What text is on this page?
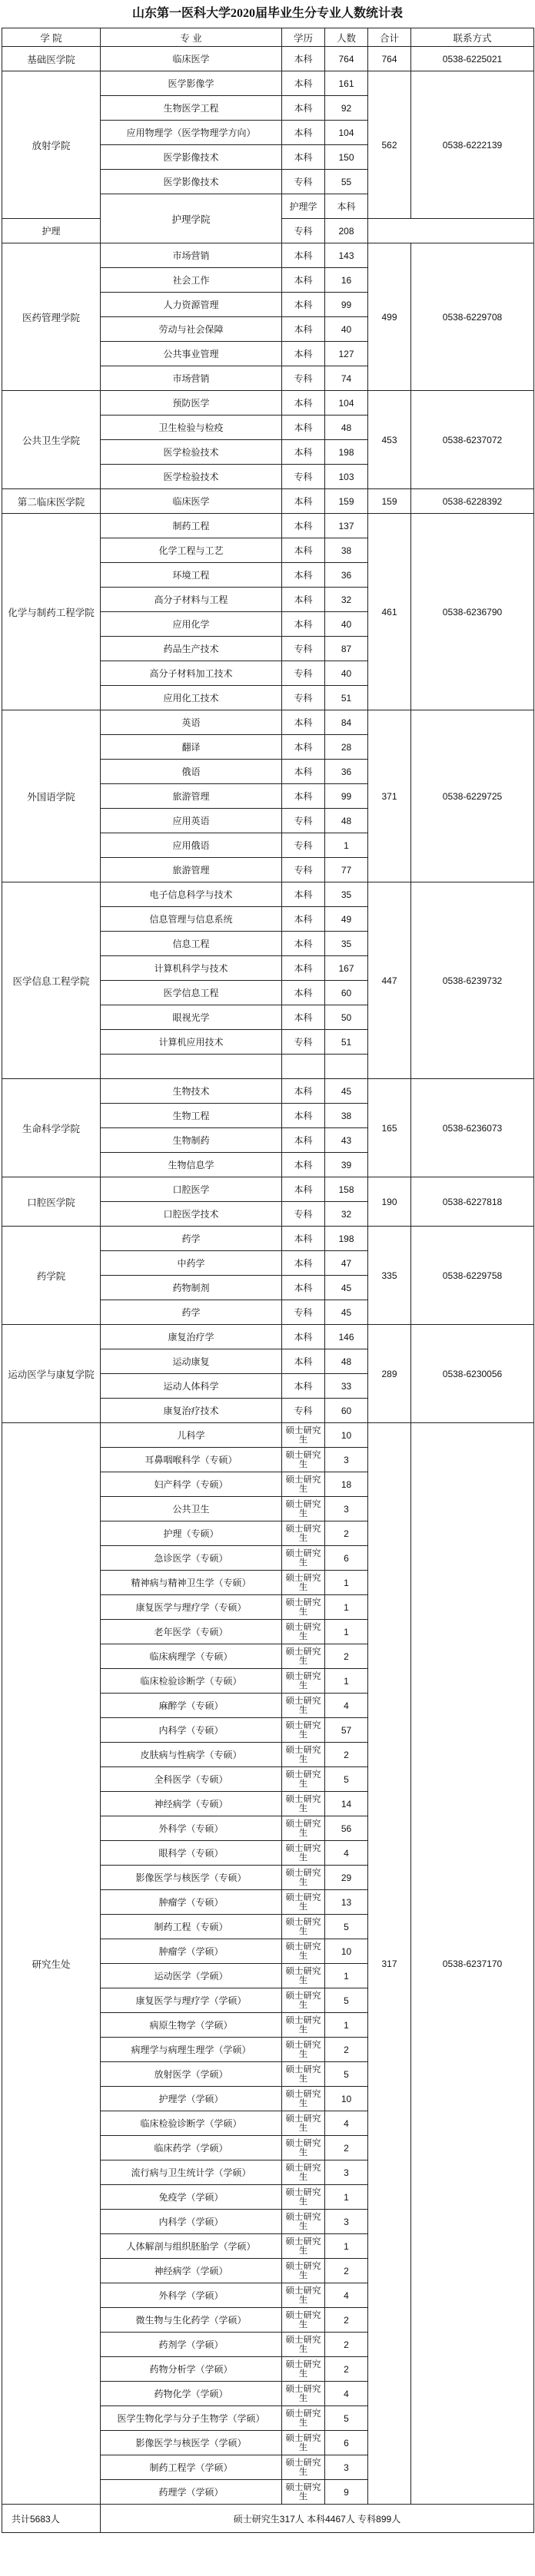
山东第一医科大学2020届毕业生分专业人数统计表
学 院	专 业	学历	人数	合计	联系方式	
基础医学院	临床医学	本科	764	764	0538-6225021	
放射学院	医学影像学	本科	161	562	0538-6222139	
	生物医学工程	本科	92			
	应用物理学（医学物理学方向）	本科	104			
	医学影像技术	本科	150			
	医学影像技术	专科	55			
	护理学院	护理学	本科			
护理		专科	208			
医药管理学院	市场营销	本科	143	499	0538-6229708	
	社会工作	本科	16			
	人力资源管理	本科	99			
	劳动与社会保障	本科	40			
	公共事业管理	本科	127			
	市场营销	专科	74			
公共卫生学院	预防医学	本科	104	453	0538-6237072	
	卫生检验与检疫	本科	48			
	医学检验技术	本科	198			
	医学检验技术	专科	103			
第二临床医学院	临床医学	本科	159	159	0538-6228392	
化学与制药工程学院	制药工程	本科	137	461	0538-6236790	
	化学工程与工艺	本科	38			
	环境工程	本科	36			
	高分子材料与工程	本科	32			
	应用化学	本科	40			
	药品生产技术	专科	87			
	高分子材料加工技术	专科	40			
	应用化工技术	专科	51			
外国语学院	英语	本科	84	371	0538-6229725	
	翻译	本科	28			
	俄语	本科	36			
	旅游管理	本科	99			
	应用英语	专科	48			
	应用俄语	专科	1			
	旅游管理	专科	77			
医学信息工程学院	电子信息科学与技术	本科	35	447	0538-6239732	
	信息管理与信息系统	本科	49			
	信息工程	本科	35			
	计算机科学与技术	本科	167			
	医学信息工程	本科	60			
	眼视光学	本科	50			
	计算机应用技术	专科	51			

生命科学学院	生物技术	本科	45	165	0538-6236073	
	生物工程	本科	38			
	生物制药	本科	43			
	生物信息学	本科	39			
口腔医学院	口腔医学	本科	158	190	0538-6227818	
	口腔医学技术	专科	32			
药学院	药学	本科	198	335	0538-6229758	
	中药学	本科	47			
	药物制剂	本科	45			
	药学	专科	45			
运动医学与康复学院	康复治疗学	本科	146	289	0538-6230056	
	运动康复	本科	48			
	运动人体科学	本科	33			
	康复治疗技术	专科	60			
研究生处	儿科学	硕士研究生	10	317	0538-6237170	
	耳鼻咽喉科学（专硕）	硕士研究生	3			
	妇产科学（专硕）	硕士研究生	18			
	公共卫生	硕士研究生	3			
	护理（专硕）	硕士研究生	2			
	急诊医学（专硕）	硕士研究生	6			
	精神病与精神卫生学（专硕）	硕士研究生	1			
	康复医学与理疗学（专硕）	硕士研究生	1			
	老年医学（专硕）	硕士研究生	1			
	临床病理学（专硕）	硕士研究生	2			
	临床检验诊断学（专硕）	硕士研究生	1			
	麻醉学（专硕）	硕士研究生	4			
	内科学（专硕）	硕士研究生	57			
	皮肤病与性病学（专硕）	硕士研究生	2			
	全科医学（专硕）	硕士研究生	5			
	神经病学（专硕）	硕士研究生	14			
	外科学（专硕）	硕士研究生	56			
	眼科学（专硕）	硕士研究生	4			
	影像医学与核医学（专硕）	硕士研究生	29			
	肿瘤学（专硕）	硕士研究生	13			
	制药工程（专硕）	硕士研究生	5			
	肿瘤学（学硕）	硕士研究生	10			
	运动医学（学硕）	硕士研究生	1			
	康复医学与理疗学（学硕）	硕士研究生	5			
	病原生物学（学硕）	硕士研究生	1			
	病理学与病理生理学（学硕）	硕士研究生	2			
	放射医学（学硕）	硕士研究生	5			
	护理学（学硕）	硕士研究生	10			
	临床检验诊断学（学硕）	硕士研究生	4			
	临床药学（学硕）	硕士研究生	2			
	流行病与卫生统计学（学硕）	硕士研究生	3			
	免疫学（学硕）	硕士研究生	1			
	内科学（学硕）	硕士研究生	3			
	人体解剖与组织胚胎学（学硕）	硕士研究生	1			
	神经病学（学硕）	硕士研究生	2			
	外科学（学硕）	硕士研究生	4			
	微生物与生化药学（学硕）	硕士研究生	2			
	药剂学（学硕）	硕士研究生	2			
	药物分析学（学硕）	硕士研究生	2			
	药物化学（学硕）	硕士研究生	4			
	医学生物化学与分子生物学（学硕）	硕士研究生	5			
	影像医学与核医学（学硕）	硕士研究生	6			
	制药工程学（学硕）	硕士研究生	3			
	药理学（学硕）	硕士研究生	9			
共计5683人	硕士研究生317人 本科4467人 专科899人					
